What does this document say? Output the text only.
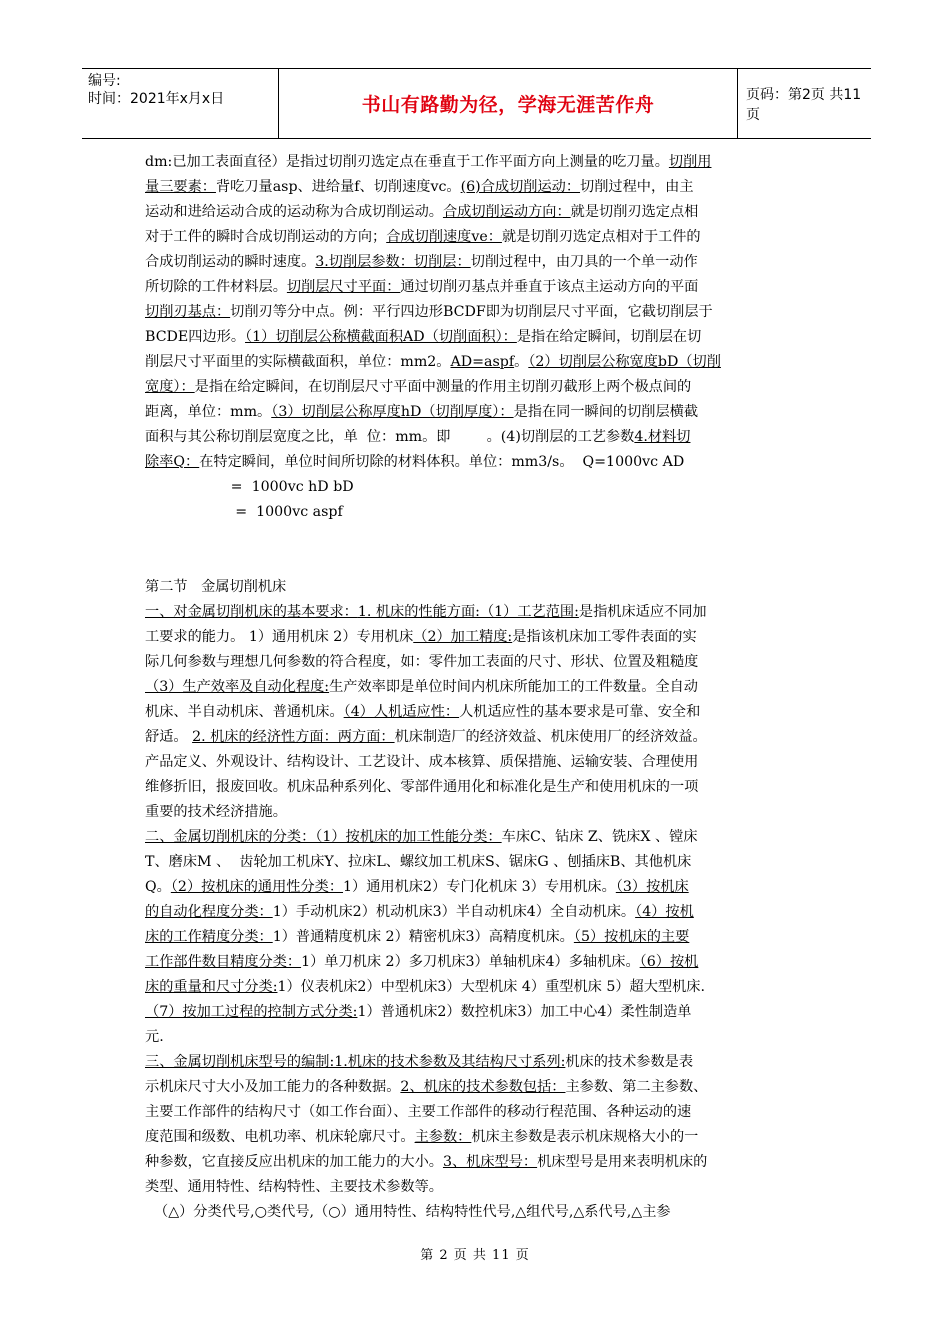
编号:
时间：2021年x月x日	书山有路勤为径，学海无涯苦作舟	页码：第2页 共11页
dm:已加工表面直径）是指过切削刃选定点在垂直于工作平面方向上测量的吃刀量。切削用
量三要素：背吃刀量asp、进给量f、切削速度vc。(6)合成切削运动：切削过程中，由主
运动和进给运动合成的运动称为合成切削运动。合成切削运动方向：就是切削刃选定点相
对于工件的瞬时合成切削运动的方向；合成切削速度ve：就是切削刃选定点相对于工件的
合成切削运动的瞬时速度。3.切削层参数：切削层：切削过程中，由刀具的一个单一动作
所切除的工件材料层。切削层尺寸平面：通过切削刃基点并垂直于该点主运动方向的平面
切削刃基点：切削刃等分中点。例：平行四边形BCDF即为切削层尺寸平面，它截切削层于
BCDE四边形。（1）切削层公称横截面积AD（切削面积）：是指在给定瞬间，切削层在切
削层尺寸平面里的实际横截面积，单位：mm2。AD=aspf。（2）切削层公称宽度bD（切削
宽度）：是指在给定瞬间，在切削层尺寸平面中测量的作用主切削刃截形上两个极点间的
距离，单位：mm。（3）切削层公称厚度hD（切削厚度）：是指在同一瞬间的切削层横截
面积与其公称切削层宽度之比，单  位：mm。即        。(4)切削层的工艺参数4.材料切
除率Q：在特定瞬间，单位时间所切除的材料体积。单位：mm3/s。  Q=1000vc AD
=  1000vc hD bD
=  1000vc aspf
第二节   金属切削机床
一、对金属切削机床的基本要求：1. 机床的性能方面:（1）工艺范围:是指机床适应不同加
工要求的能力。 1）通用机床 2）专用机床（2）加工精度:是指该机床加工零件表面的实
际几何参数与理想几何参数的符合程度，如：零件加工表面的尺寸、形状、位置及粗糙度
（3）生产效率及自动化程度:生产效率即是单位时间内机床所能加工的工件数量。全自动
机床、半自动机床、普通机床。（4）人机适应性：人机适应性的基本要求是可靠、安全和
舒适。 2. 机床的经济性方面：两方面：机床制造厂的经济效益、机床使用厂的经济效益。
产品定义、外观设计、结构设计、工艺设计、成本核算、质保措施、运输安装、合理使用
维修折旧，报废回收。机床品种系列化、零部件通用化和标准化是生产和使用机床的一项
重要的技术经济措施。
二、金属切削机床的分类：（1）按机床的加工性能分类：车床C、钻床 Z、铣床X 、镗床
T、磨床M 、  齿轮加工机床Y、拉床L、螺纹加工机床S、锯床G 、刨插床B、其他机床
Q。（2）按机床的通用性分类：1）通用机床2）专门化机床 3）专用机床。（3）按机床
的自动化程度分类：1）手动机床2）机动机床3）半自动机床4）全自动机床。（4）按机
床的工作精度分类：1）普通精度机床 2）精密机床3）高精度机床。（5）按机床的主要
工作部件数目精度分类：1）单刀机床 2）多刀机床3）单轴机床4）多轴机床。（6）按机
床的重量和尺寸分类:1）仪表机床2）中型机床3）大型机床 4）重型机床 5）超大型机床.
（7）按加工过程的控制方式分类:1）普通机床2）数控机床3）加工中心4）柔性制造单
元.
三、金属切削机床型号的编制:1.机床的技术参数及其结构尺寸系列:机床的技术参数是表
示机床尺寸大小及加工能力的各种数据。2、机床的技术参数包括：主参数、第二主参数、
主要工作部件的结构尺寸（如工作台面）、主要工作部件的移动行程范围、各种运动的速
度范围和级数、电机功率、机床轮廓尺寸。主参数：机床主参数是表示机床规格大小的一
种参数，它直接反应出机床的加工能力的大小。3、机床型号：机床型号是用来表明机床的
类型、通用特性、结构特性、主要技术参数等。
（△）分类代号,○类代号,（○）通用特性、结构特性代号,△组代号,△系代号,△主参
第 2 页 共 11 页
